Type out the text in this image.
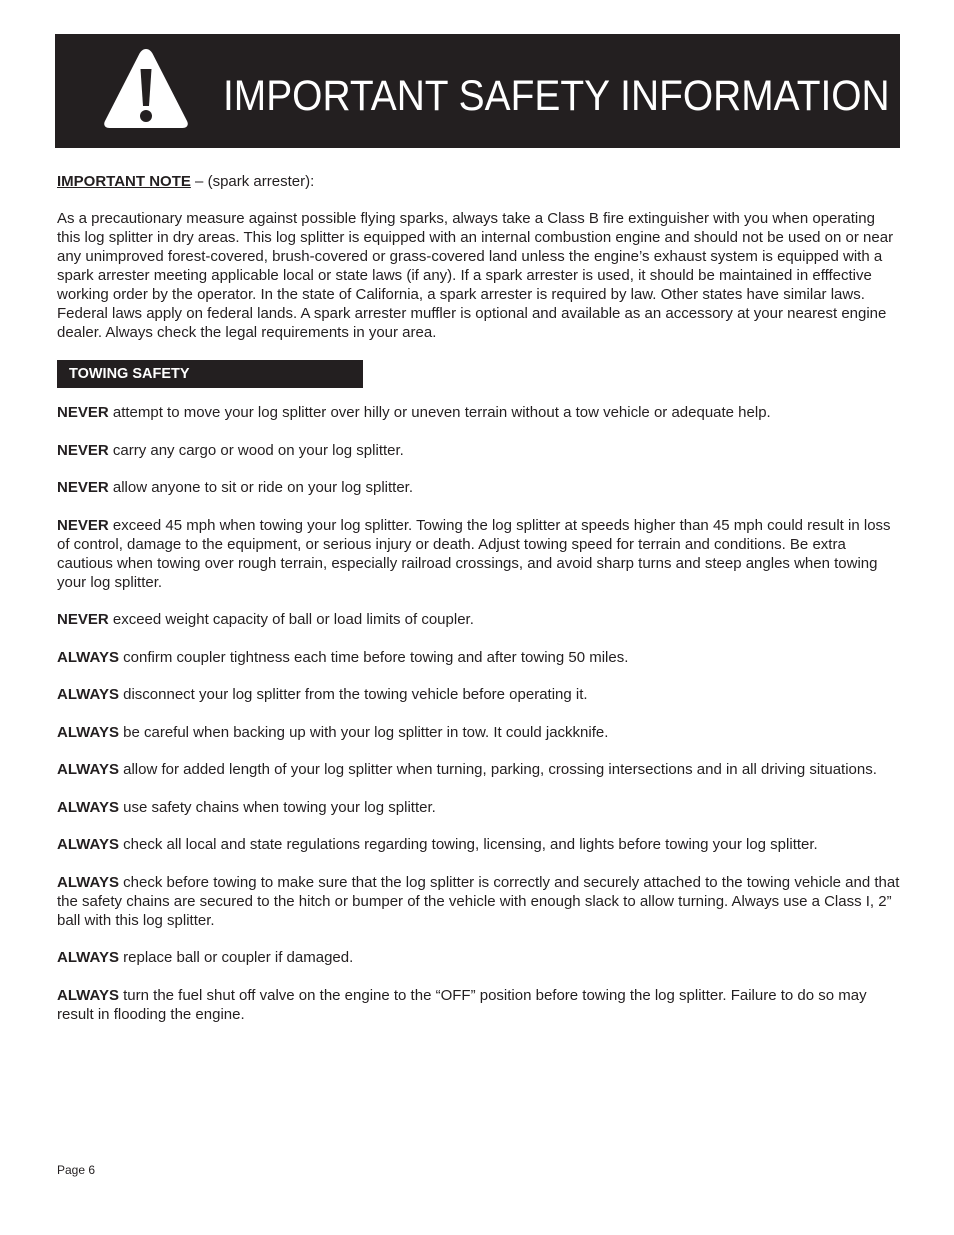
IMPORTANT SAFETY INFORMATION

IMPORTANT NOTE – (spark arrester):

As a precautionary measure against possible flying sparks, always take a Class B fire extinguisher with you when operating this log splitter in dry areas. This log splitter is equipped with an internal combustion engine and should not be used on or near any unimproved forest-covered, brush-covered or grass-covered land unless the engine’s exhaust system is equipped with a spark arrester meeting applicable local or state laws (if any). If a spark arrester is used, it should be maintained in efffective working order by the operator. In the state of California, a spark arrester is required by law. Other states have similar laws. Federal laws apply on federal lands. A spark arrester muffler is optional and available as an accessory at your nearest engine dealer. Always check the legal requirements in your area.

TOWING SAFETY

NEVER attempt to move your log splitter over hilly or uneven terrain without a tow vehicle or adequate help.

NEVER carry any cargo or wood on your log splitter.

NEVER allow anyone to sit or ride on your log splitter.

NEVER exceed 45 mph when towing your log splitter. Towing the log splitter at speeds higher than 45 mph could result in loss of control, damage to the equipment, or serious injury or death. Adjust towing speed for terrain and conditions. Be extra cautious when towing over rough terrain, especially railroad crossings, and avoid sharp turns and steep angles when towing your log splitter.

NEVER exceed weight capacity of ball or load limits of coupler.

ALWAYS confirm coupler tightness each time before towing and after towing 50 miles.

ALWAYS disconnect your log splitter from the towing vehicle before operating it.

ALWAYS be careful when backing up with your log splitter in tow. It could jackknife.

ALWAYS allow for added length of your log splitter when turning, parking, crossing intersections and in all driving situations.

ALWAYS use safety chains when towing your log splitter.

ALWAYS check all local and state regulations regarding towing, licensing, and lights before towing your log splitter.

ALWAYS check before towing to make sure that the log splitter is correctly and securely attached to the towing vehicle and that the safety chains are secured to the hitch or bumper of the vehicle with enough slack to allow turning. Always use a Class I, 2” ball with this log splitter.

ALWAYS replace ball or coupler if damaged.

ALWAYS turn the fuel shut off valve on the engine to the “OFF” position before towing the log splitter. Failure to do so may result in flooding the engine.

Page 6
